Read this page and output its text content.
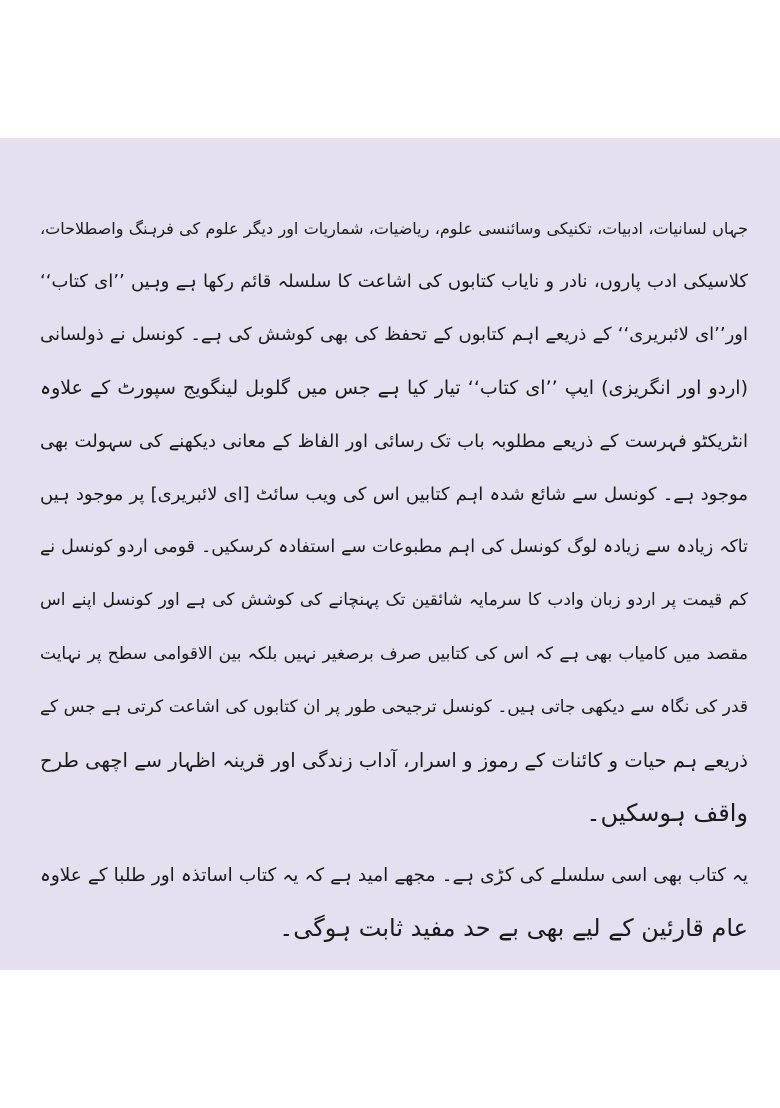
جہاں لسانیات، ادبیات، تکنیکی وسائنسی علوم، ریاضیات، شماریات اور دیگر علوم کی فرہنگ واصطلاحات،
کلاسیکی ادب پاروں، نادر و نایاب کتابوں کی اشاعت کا سلسلہ قائم رکھا ہے وہیں ’’ای کتاب‘‘
اور’’ای لائبریری‘‘ کے ذریعے اہم کتابوں کے تحفظ کی بھی کوشش کی ہے۔ کونسل نے ذولسانی
(اردو اور انگریزی) ایپ ’’ای کتاب‘‘ تیار کیا ہے جس میں گلوبل لینگویج سپورٹ کے علاوہ
انٹریکٹو فہرست کے ذریعے مطلوبہ باب تک رسائی اور الفاظ کے معانی دیکھنے کی سہولت بھی
موجود ہے۔ کونسل سے شائع شدہ اہم کتابیں اس کی ویب سائٹ [ای لائبریری] پر موجود ہیں
تاکہ زیادہ سے زیادہ لوگ کونسل کی اہم مطبوعات سے استفادہ کرسکیں۔ قومی اردو کونسل نے
کم قیمت پر اردو زبان وادب کا سرمایہ شائقین تک پہنچانے کی کوشش کی ہے اور کونسل اپنے اس
مقصد میں کامیاب بھی ہے کہ اس کی کتابیں صرف برصغیر نہیں بلکہ بین الاقوامی سطح پر نہایت
قدر کی نگاہ سے دیکھی جاتی ہیں۔ کونسل ترجیحی طور پر ان کتابوں کی اشاعت کرتی ہے جس کے
ذریعے ہم حیات و کائنات کے رموز و اسرار، آداب زندگی اور قرینہ اظہار سے اچھی طرح
واقف ہوسکیں۔
یہ کتاب بھی اسی سلسلے کی کڑی ہے۔ مجھے امید ہے کہ یہ کتاب اساتذہ اور طلبا کے علاوہ
عام قارئین کے لیے بھی بے حد مفید ثابت ہوگی۔
